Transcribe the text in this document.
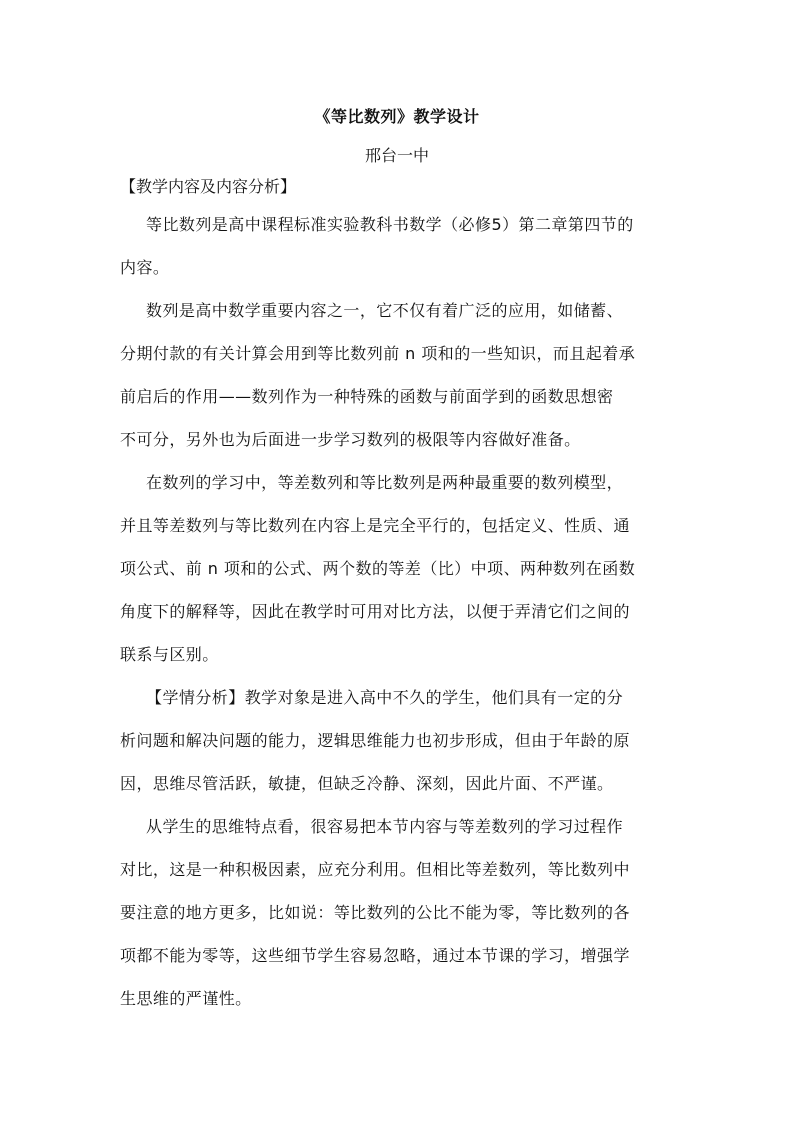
《等比数列》教学设计
邢台一中
【教学内容及内容分析】
等比数列是高中课程标准实验教科书数学（必修5）第二章第四节的
内容。
数列是高中数学重要内容之一，它不仅有着广泛的应用，如储蓄、
分期付款的有关计算会用到等比数列前 n 项和的一些知识，而且起着承
前启后的作用——数列作为一种特殊的函数与前面学到的函数思想密
不可分，另外也为后面进一步学习数列的极限等内容做好准备。
在数列的学习中，等差数列和等比数列是两种最重要的数列模型，
并且等差数列与等比数列在内容上是完全平行的，包括定义、性质、通
项公式、前 n 项和的公式、两个数的等差（比）中项、两种数列在函数
角度下的解释等，因此在教学时可用对比方法，以便于弄清它们之间的
联系与区别。
【学情分析】教学对象是进入高中不久的学生，他们具有一定的分
析问题和解决问题的能力，逻辑思维能力也初步形成，但由于年龄的原
因，思维尽管活跃，敏捷，但缺乏冷静、深刻，因此片面、不严谨。
从学生的思维特点看，很容易把本节内容与等差数列的学习过程作
对比，这是一种积极因素，应充分利用。但相比等差数列，等比数列中
要注意的地方更多，比如说：等比数列的公比不能为零，等比数列的各
项都不能为零等，这些细节学生容易忽略，通过本节课的学习，增强学
生思维的严谨性。
